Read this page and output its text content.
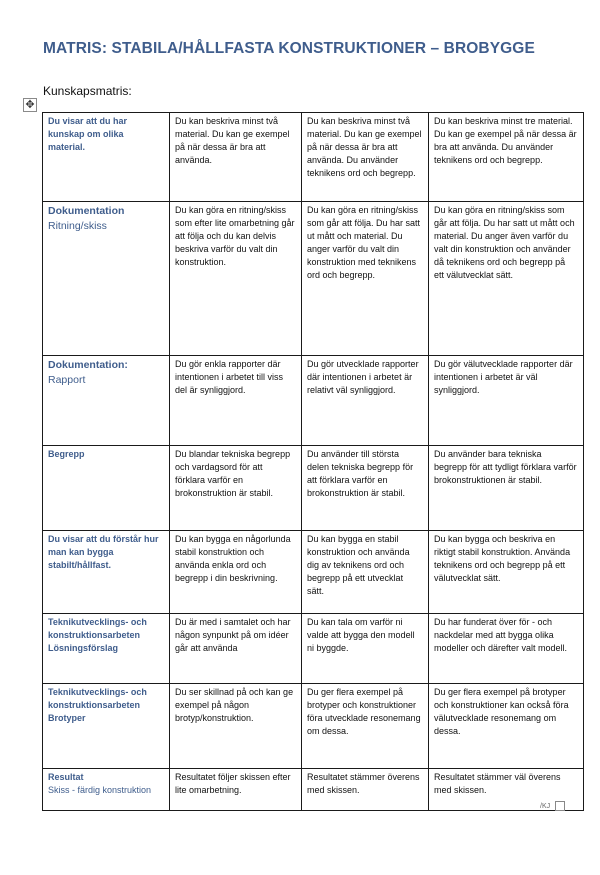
MATRIS: STABILA/HÅLLFASTA KONSTRUKTIONER – BROBYGGE
Kunskapsmatris:
✥
Du visar att du har kunskap om olika material.	Du kan beskriva minst två material. Du kan ge exempel på när dessa är bra att använda.	Du kan beskriva minst två material. Du kan ge exempel på när dessa är bra att använda. Du använder teknikens ord och begrepp.	Du kan beskriva minst tre material. Du kan ge exempel på när dessa är bra att använda. Du använder teknikens ord och begrepp.

Dokumentation
Ritning/skiss	Du kan göra en ritning/skiss som efter lite omarbetning går att följa och du kan delvis beskriva varför du valt din konstruktion.	Du kan göra en ritning/skiss som går att följa. Du har satt ut mått och material. Du anger varför du valt din konstruktion med teknikens ord och begrepp.	Du kan göra en ritning/skiss som går att följa. Du har satt ut mått och material. Du anger även varför du valt din konstruktion och använder då teknikens ord och begrepp på ett välutvecklat sätt.

Dokumentation:
Rapport	Du gör enkla rapporter där intentionen i arbetet till viss del är synliggjord.	Du gör utvecklade rapporter där intentionen i arbetet är relativt väl synliggjord.	Du gör välutvecklade rapporter där intentionen i arbetet är väl synliggjord.
Begrepp	Du blandar tekniska begrepp och vardagsord för att förklara varför en brokonstruktion är stabil.	Du använder till största delen tekniska begrepp för att förklara varför en brokonstruktion är stabil.	Du använder bara tekniska begrepp för att tydligt förklara varför brokonstruktionen är stabil.
Du visar att du förstår hur man kan bygga stabilt/hållfast.	Du kan bygga en någorlunda stabil konstruktion och använda enkla ord och begrepp i din beskrivning.	Du kan bygga en stabil konstruktion och använda dig av teknikens ord och begrepp på ett utvecklat sätt.	Du kan bygga och beskriva en riktigt stabil konstruktion. Använda teknikens ord och begrepp på ett välutvecklat sätt.
Teknikutvecklings- och konstruktionsarbeten Lösningsförslag	Du är med i samtalet och har någon synpunkt på om idéer går att använda	Du kan tala om varför ni valde att bygga den modell ni byggde.	Du har funderat över för - och nackdelar med att bygga olika modeller och därefter valt modell.
Teknikutvecklings- och konstruktionsarbeten Brotyper	Du ser skillnad på och kan ge exempel på någon brotyp/konstruktion.	Du ger flera exempel på brotyper och konstruktioner föra utvecklade resonemang om dessa.	Du ger flera exempel på brotyper och konstruktioner kan också föra välutvecklade resonemang om dessa.

Resultat
Skiss - färdig konstruktion	Resultatet följer skissen efter lite omarbetning.	Resultatet stämmer överens med skissen.	Resultatet stämmer väl överens med skissen.
/KJ
